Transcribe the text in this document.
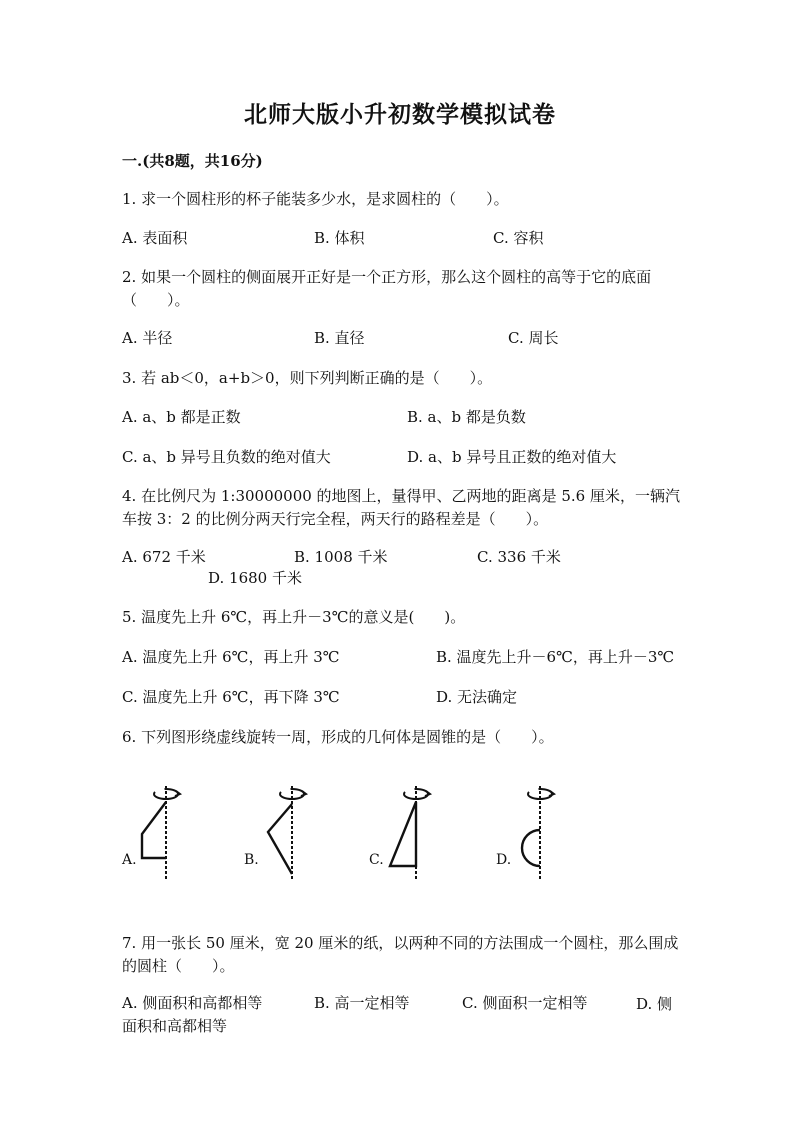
北师大版小升初数学模拟试卷
一.(共8题，共16分)
1. 求一个圆柱形的杯子能装多少水，是求圆柱的（　　）。
A. 表面积	B. 体积	C. 容积
2. 如果一个圆柱的侧面展开正好是一个正方形，那么这个圆柱的高等于它的底面（　　）。
A. 半径	B. 直径	C. 周长
3. 若 ab＜0，a+b＞0，则下列判断正确的是（　　）。
A. a、b 都是正数	B. a、b 都是负数
C. a、b 异号且负数的绝对值大	D. a、b 异号且正数的绝对值大
4. 在比例尺为 1:30000000 的地图上，量得甲、乙两地的距离是 5.6 厘米，一辆汽车按 3：2 的比例分两天行完全程，两天行的路程差是（　　）。
A. 672 千米	B. 1008 千米	C. 336 千米
D. 1680 千米
5. 温度先上升 6℃，再上升－3℃的意义是(　　)。
A. 温度先上升 6℃，再上升 3℃	B. 温度先上升－6℃，再上升－3℃
C. 温度先上升 6℃，再下降 3℃	D. 无法确定
6. 下列图形绕虚线旋转一周，形成的几何体是圆锥的是（　　）。
A.	B.	C.	D.
7. 用一张长 50 厘米，宽 20 厘米的纸，以两种不同的方法围成一个圆柱，那么围成的圆柱（　　）。
A. 侧面积和高都相等	B. 高一定相等	C. 侧面积一定相等	D. 侧
面积和高都相等
